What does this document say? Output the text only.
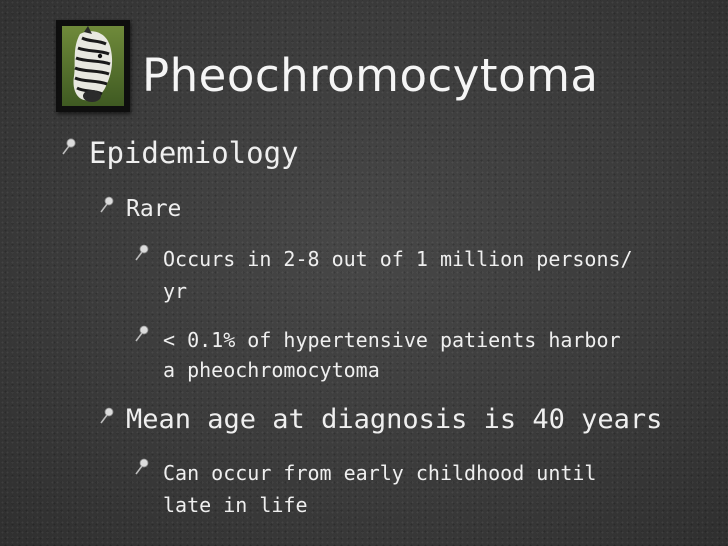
Pheochromocytoma
Epidemiology
Rare
Occurs in 2-8 out of 1 million persons/
yr
< 0.1% of hypertensive patients harbor
a pheochromocytoma
Mean age at diagnosis is 40 years
Can occur from early childhood until
late in life
